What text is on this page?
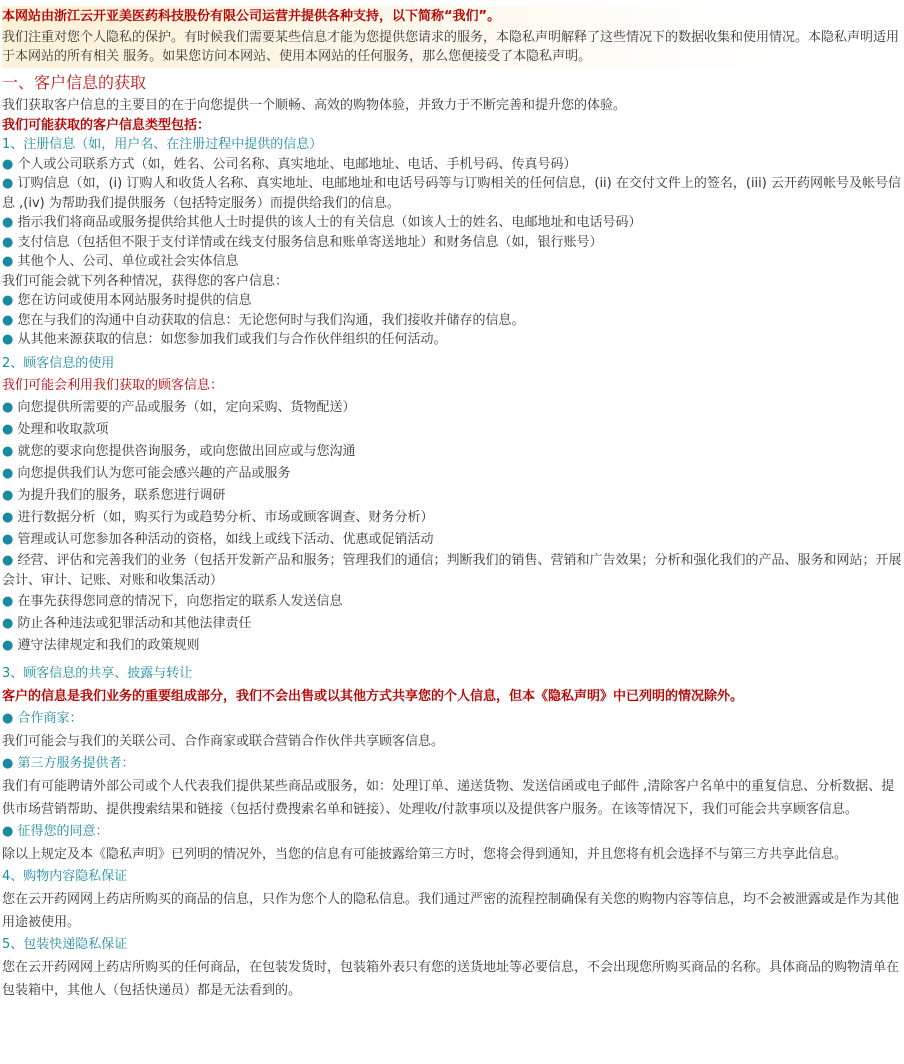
本网站由浙江云开亚美医药科技股份有限公司运营并提供各种支持，以下简称“我们”。
我们注重对您个人隐私的保护。有时候我们需要某些信息才能为您提供您请求的服务，本隐私声明解释了这些情况下的数据收集和使用情况。本隐私声明适用于本网站的所有相关 服务。如果您访问本网站、使用本网站的任何服务，那么您便接受了本隐私声明。
一、客户信息的获取
我们获取客户信息的主要目的在于向您提供一个顺畅、高效的购物体验，并致力于不断完善和提升您的体验。
我们可能获取的客户信息类型包括：
1、注册信息（如，用户名、在注册过程中提供的信息）
● 个人或公司联系方式（如，姓名、公司名称、真实地址、电邮地址、电话、手机号码、传真号码）
● 订购信息（如，(i) 订购人和收货人名称、真实地址、电邮地址和电话号码等与订购相关的任何信息，(ii) 在交付文件上的签名，(iii) 云开药网帐号及帐号信息 ,(iv) 为帮助我们提供服务（包括特定服务）而提供给我们的信息。
● 指示我们将商品或服务提供给其他人士时提供的该人士的有关信息（如该人士的姓名、电邮地址和电话号码）
● 支付信息（包括但不限于支付详情或在线支付服务信息和账单寄送地址）和财务信息（如，银行账号）
● 其他个人、公司、单位或社会实体信息
我们可能会就下列各种情况，获得您的客户信息：
● 您在访问或使用本网站服务时提供的信息
● 您在与我们的沟通中自动获取的信息：无论您何时与我们沟通，我们接收并储存的信息。
● 从其他来源获取的信息：如您参加我们或我们与合作伙伴组织的任何活动。
2、顾客信息的使用
我们可能会利用我们获取的顾客信息：
● 向您提供所需要的产品或服务（如，定向采购、货物配送）
● 处理和收取款项
● 就您的要求向您提供咨询服务，或向您做出回应或与您沟通
● 向您提供我们认为您可能会感兴趣的产品或服务
● 为提升我们的服务，联系您进行调研
● 进行数据分析（如，购买行为或趋势分析、市场或顾客调查、财务分析）
● 管理或认可您参加各种活动的资格，如线上或线下活动、优惠或促销活动
● 经营、评估和完善我们的业务（包括开发新产品和服务；管理我们的通信；判断我们的销售、营销和广告效果；分析和强化我们的产品、服务和网站；开展会计、审计、记账、对账和收集活动）
● 在事先获得您同意的情况下，向您指定的联系人发送信息
● 防止各种违法或犯罪活动和其他法律责任
● 遵守法律规定和我们的政策规则
3、顾客信息的共享、披露与转让
客户的信息是我们业务的重要组成部分，我们不会出售或以其他方式共享您的个人信息，但本《隐私声明》中已列明的情况除外。
● 合作商家：
我们可能会与我们的关联公司、合作商家或联合营销合作伙伴共享顾客信息。
● 第三方服务提供者：
我们有可能聘请外部公司或个人代表我们提供某些商品或服务，如：处理订单、递送货物、发送信函或电子邮件 ,清除客户名单中的重复信息、分析数据、提供市场营销帮助、提供搜索结果和链接（包括付费搜索名单和链接）、处理收/付款事项以及提供客户服务。在该等情况下，我们可能会共享顾客信息。
● 征得您的同意：
除以上规定及本《隐私声明》已列明的情况外，当您的信息有可能披露给第三方时，您将会得到通知，并且您将有机会选择不与第三方共享此信息。
4、购物内容隐私保证
您在云开药网网上药店所购买的商品的信息，只作为您个人的隐私信息。我们通过严密的流程控制确保有关您的购物内容等信息，均不会被泄露或是作为其他用途被使用。
5、包装快递隐私保证
您在云开药网网上药店所购买的任何商品，在包装发货时，包装箱外表只有您的送货地址等必要信息，不会出现您所购买商品的名称。具体商品的购物清单在包装箱中，其他人（包括快递员）都是无法看到的。
